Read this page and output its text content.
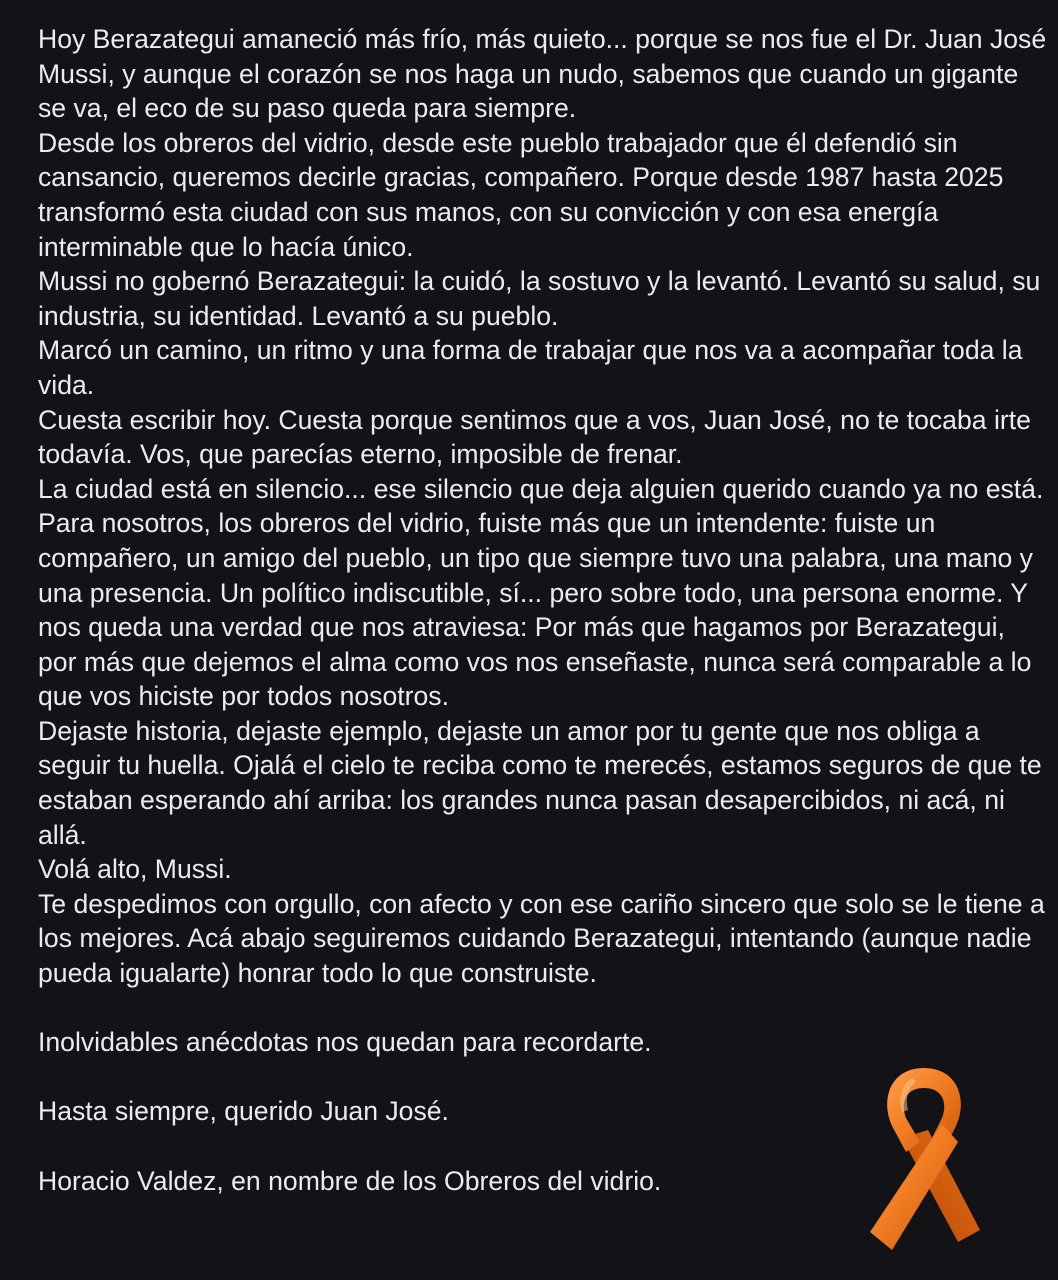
Hoy Berazategui amaneció más frío, más quieto... porque se nos fue el Dr. Juan José Mussi, y aunque el corazón se nos haga un nudo, sabemos que cuando un gigante se va, el eco de su paso queda para siempre.

Desde los obreros del vidrio, desde este pueblo trabajador que él defendió sin cansancio, queremos decirle gracias, compañero. Porque desde 1987 hasta 2025 transformó esta ciudad con sus manos, con su convicción y con esa energía interminable que lo hacía único.

Mussi no gobernó Berazategui: la cuidó, la sostuvo y la levantó. Levantó su salud, su industria, su identidad. Levantó a su pueblo.

Marcó un camino, un ritmo y una forma de trabajar que nos va a acompañar toda la vida.

Cuesta escribir hoy. Cuesta porque sentimos que a vos, Juan José, no te tocaba irte todavía. Vos, que parecías eterno, imposible de frenar.

La ciudad está en silencio... ese silencio que deja alguien querido cuando ya no está.

Para nosotros, los obreros del vidrio, fuiste más que un intendente: fuiste un compañero, un amigo del pueblo, un tipo que siempre tuvo una palabra, una mano y una presencia. Un político indiscutible, sí... pero sobre todo, una persona enorme. Y nos queda una verdad que nos atraviesa: Por más que hagamos por Berazategui, por más que dejemos el alma como vos nos enseñaste, nunca será comparable a lo que vos hiciste por todos nosotros.

Dejaste historia, dejaste ejemplo, dejaste un amor por tu gente que nos obliga a seguir tu huella. Ojalá el cielo te reciba como te merecés, estamos seguros de que te estaban esperando ahí arriba: los grandes nunca pasan desapercibidos, ni acá, ni allá.

Volá alto, Mussi.

Te despedimos con orgullo, con afecto y con ese cariño sincero que solo se le tiene a los mejores. Acá abajo seguiremos cuidando Berazategui, intentando (aunque nadie pueda igualarte) honrar todo lo que construiste.

Inolvidables anécdotas nos quedan para recordarte.

Hasta siempre, querido Juan José.

Horacio Valdez, en nombre de los Obreros del vidrio.
